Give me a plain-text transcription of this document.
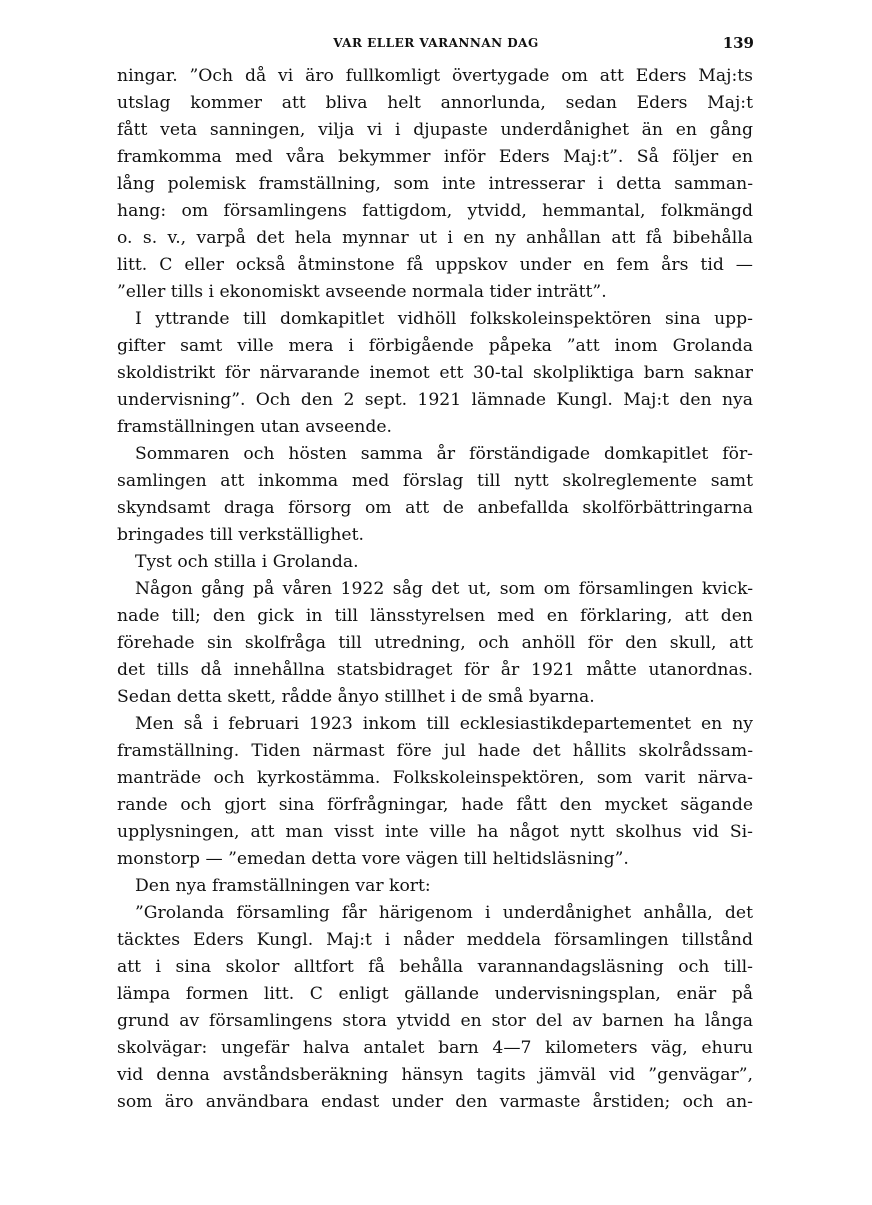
VAR ELLER VARANNAN DAG	139
ningar. ”Och då vi äro fullkomligt övertygade om att Eders Maj:ts
utslag kommer att bliva helt annorlunda, sedan Eders Maj:t
fått veta sanningen, vilja vi i djupaste underdånighet än en gång
framkomma med våra bekymmer inför Eders Maj:t”. Så följer en
lång polemisk framställning, som inte intresserar i detta samman-
hang: om församlingens fattigdom, ytvidd, hemmantal, folkmängd
o. s. v., varpå det hela mynnar ut i en ny anhållan att få bibehålla
litt. C eller också åtminstone få uppskov under en fem års tid —
”eller tills i ekonomiskt avseende normala tider inträtt”.
I yttrande till domkapitlet vidhöll folkskoleinspektören sina upp-
gifter samt ville mera i förbigående påpeka ”att inom Grolanda
skoldistrikt för närvarande inemot ett 30-tal skolpliktiga barn saknar
undervisning”. Och den 2 sept. 1921 lämnade Kungl. Maj:t den nya
framställningen utan avseende.
Sommaren och hösten samma år förständigade domkapitlet för-
samlingen att inkomma med förslag till nytt skolreglemente samt
skyndsamt draga försorg om att de anbefallda skolförbättringarna
bringades till verkställighet.
Tyst och stilla i Grolanda.
Någon gång på våren 1922 såg det ut, som om församlingen kvick-
nade till; den gick in till länsstyrelsen med en förklaring, att den
förehade sin skolfråga till utredning, och anhöll för den skull, att
det tills då innehållna statsbidraget för år 1921 måtte utanordnas.
Sedan detta skett, rådde ånyo stillhet i de små byarna.
Men så i februari 1923 inkom till ecklesiastikdepartementet en ny
framställning. Tiden närmast före jul hade det hållits skolrådssam-
manträde och kyrkostämma. Folkskoleinspektören, som varit närva-
rande och gjort sina förfrågningar, hade fått den mycket sägande
upplysningen, att man visst inte ville ha något nytt skolhus vid Si-
monstorp — ”emedan detta vore vägen till heltidsläsning”.
Den nya framställningen var kort:
”Grolanda församling får härigenom i underdånighet anhålla, det
täcktes Eders Kungl. Maj:t i nåder meddela församlingen tillstånd
att i sina skolor alltfort få behålla varannandagsläsning och till-
lämpa formen litt. C enligt gällande undervisningsplan, enär på
grund av församlingens stora ytvidd en stor del av barnen ha långa
skolvägar: ungefär halva antalet barn 4—7 kilometers väg, ehuru
vid denna avståndsberäkning hänsyn tagits jämväl vid ”genvägar”,
som äro användbara endast under den varmaste årstiden; och an-
